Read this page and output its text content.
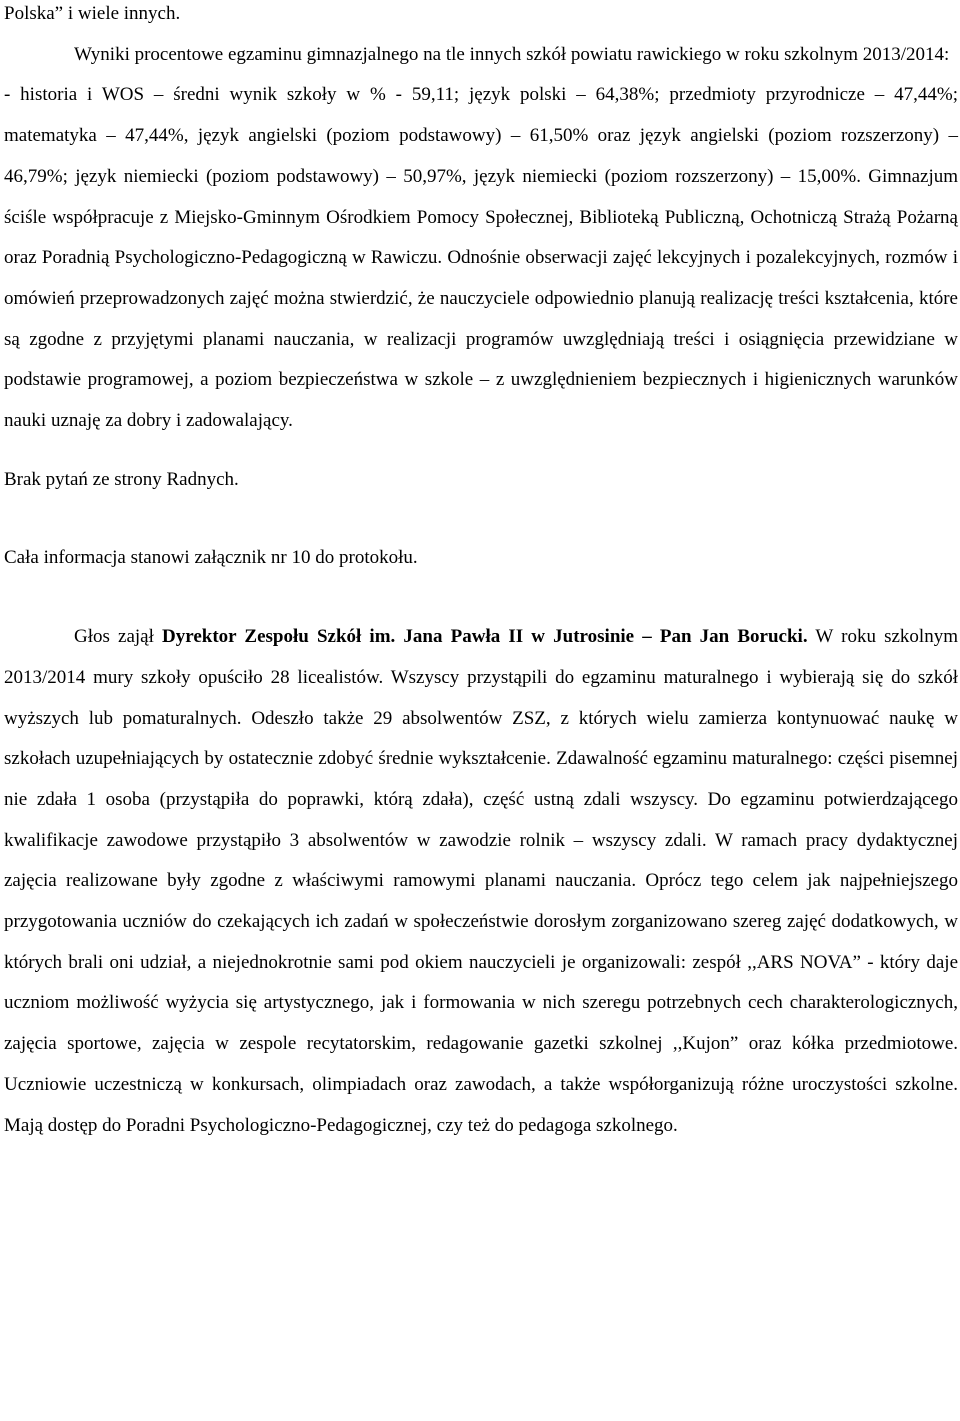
Polska” i wiele innych.

Wyniki procentowe egzaminu gimnazjalnego na tle innych szkół powiatu rawickiego w roku szkolnym 2013/2014:

- historia i WOS – średni wynik szkoły w % - 59,11; język polski – 64,38%; przedmioty przyrodnicze – 47,44%; matematyka – 47,44%, język angielski (poziom podstawowy) – 61,50% oraz język angielski (poziom rozszerzony) – 46,79%; język niemiecki (poziom podstawowy) – 50,97%, język niemiecki (poziom rozszerzony) – 15,00%. Gimnazjum ściśle współpracuje z Miejsko-Gminnym Ośrodkiem Pomocy Społecznej, Biblioteką Publiczną, Ochotniczą Strażą Pożarną oraz Poradnią Psychologiczno-Pedagogiczną w Rawiczu. Odnośnie obserwacji zajęć lekcyjnych i pozalekcyjnych, rozmów i omówień przeprowadzonych zajęć można stwierdzić, że nauczyciele odpowiednio planują realizację treści kształcenia, które są zgodne z przyjętymi planami nauczania, w realizacji programów uwzględniają treści i osiągnięcia przewidziane w podstawie programowej, a poziom bezpieczeństwa w szkole – z uwzględnieniem bezpiecznych i higienicznych warunków nauki uznaję za dobry i zadowalający.

Brak pytań ze strony Radnych.

Cała informacja stanowi załącznik nr 10 do protokołu.

Głos zajął Dyrektor Zespołu Szkół im. Jana Pawła II w Jutrosinie – Pan Jan Borucki. W roku szkolnym 2013/2014 mury szkoły opuściło 28 licealistów. Wszyscy przystąpili do egzaminu maturalnego i wybierają się do szkół wyższych lub pomaturalnych. Odeszło także 29 absolwentów ZSZ, z których wielu zamierza kontynuować naukę w szkołach uzupełniających by ostatecznie zdobyć średnie wykształcenie. Zdawalność egzaminu maturalnego: części pisemnej nie zdała 1 osoba (przystąpiła do poprawki, którą zdała), część ustną zdali wszyscy. Do egzaminu potwierdzającego kwalifikacje zawodowe przystąpiło 3 absolwentów w zawodzie rolnik – wszyscy zdali. W ramach pracy dydaktycznej zajęcia realizowane były zgodne z właściwymi ramowymi planami nauczania. Oprócz tego celem jak najpełniejszego przygotowania uczniów do czekających ich zadań w społeczeństwie dorosłym zorganizowano szereg zajęć dodatkowych, w których brali oni udział, a niejednokrotnie sami pod okiem nauczycieli je organizowali: zespół ,,ARS NOVA” - który daje uczniom możliwość wyżycia się artystycznego, jak i formowania w nich szeregu potrzebnych cech charakterologicznych, zajęcia sportowe, zajęcia w zespole recytatorskim, redagowanie gazetki szkolnej ,,Kujon” oraz kółka przedmiotowe. Uczniowie uczestniczą w konkursach, olimpiadach oraz zawodach, a także współorganizują różne uroczystości szkolne. Mają dostęp do Poradni Psychologiczno-Pedagogicznej, czy też do pedagoga szkolnego.
